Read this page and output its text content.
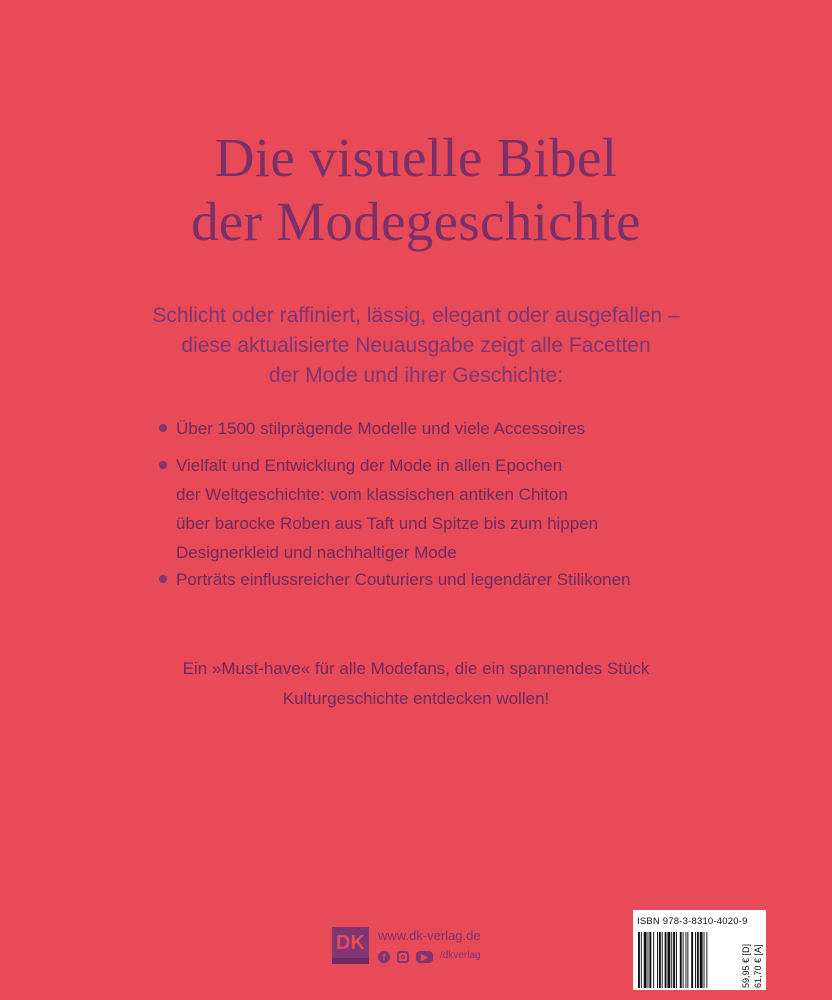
Die visuelle Bibel
der Modegeschichte
Schlicht oder raffiniert, lässig, elegant oder ausgefallen –
diese aktualisierte Neuausgabe zeigt alle Facetten
der Mode und ihrer Geschichte:
Über 1500 stilprägende Modelle und viele Accessoires
Vielfalt und Entwicklung der Mode in allen Epochen
der Weltgeschichte: vom klassischen antiken Chiton
über barocke Roben aus Taft und Spitze bis zum hippen
Designerkleid und nachhaltiger Mode
Porträts einflussreicher Couturiers und legendärer Stilikonen
Ein »Must-have« für alle Modefans, die ein spannendes Stück
Kulturgeschichte entdecken wollen!
DK	www.dk-verlag.de
f	▶	/dkverlag
ISBN 978-3-8310-4020-9
59,95 € [D] 61,70 € [A]
